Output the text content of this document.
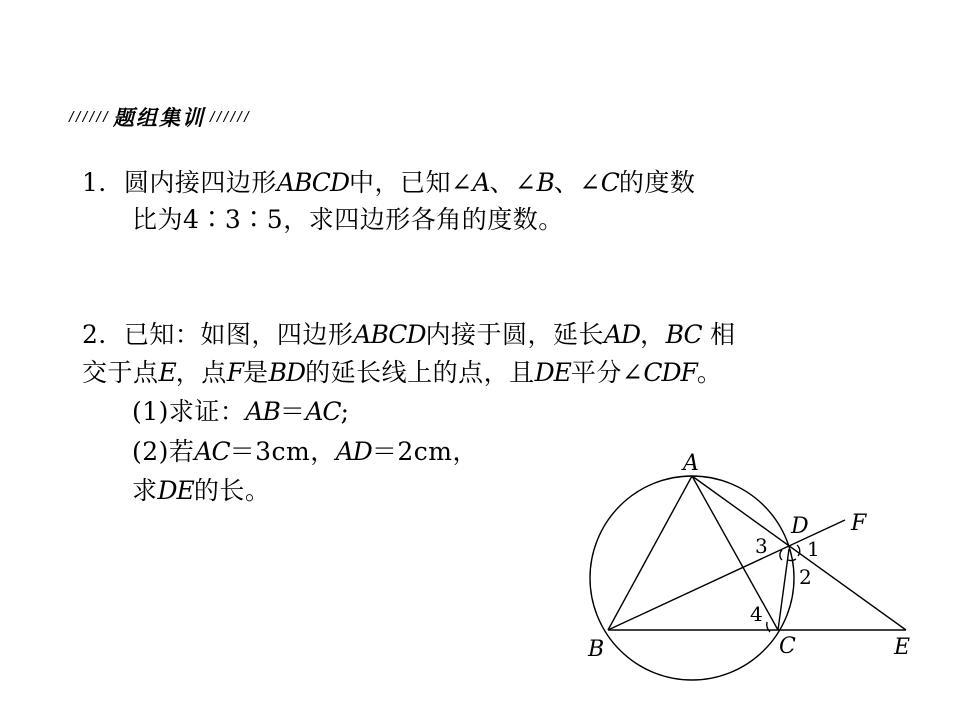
////// 题组集训 //////
1．圆内接四边形ABCD中，已知∠A、∠B、∠C的度数
比为4∶3∶5，求四边形各角的度数。
2．已知：如图，四边形ABCD内接于圆，延长AD，BC 相
交于点E，点F是BD的延长线上的点，且DE平分∠CDF。
(1)求证：AB＝AC;
(2)若AC＝3cm，AD＝2cm，
求DE的长。
A
B	C
D
E
F
1
2
3
4
